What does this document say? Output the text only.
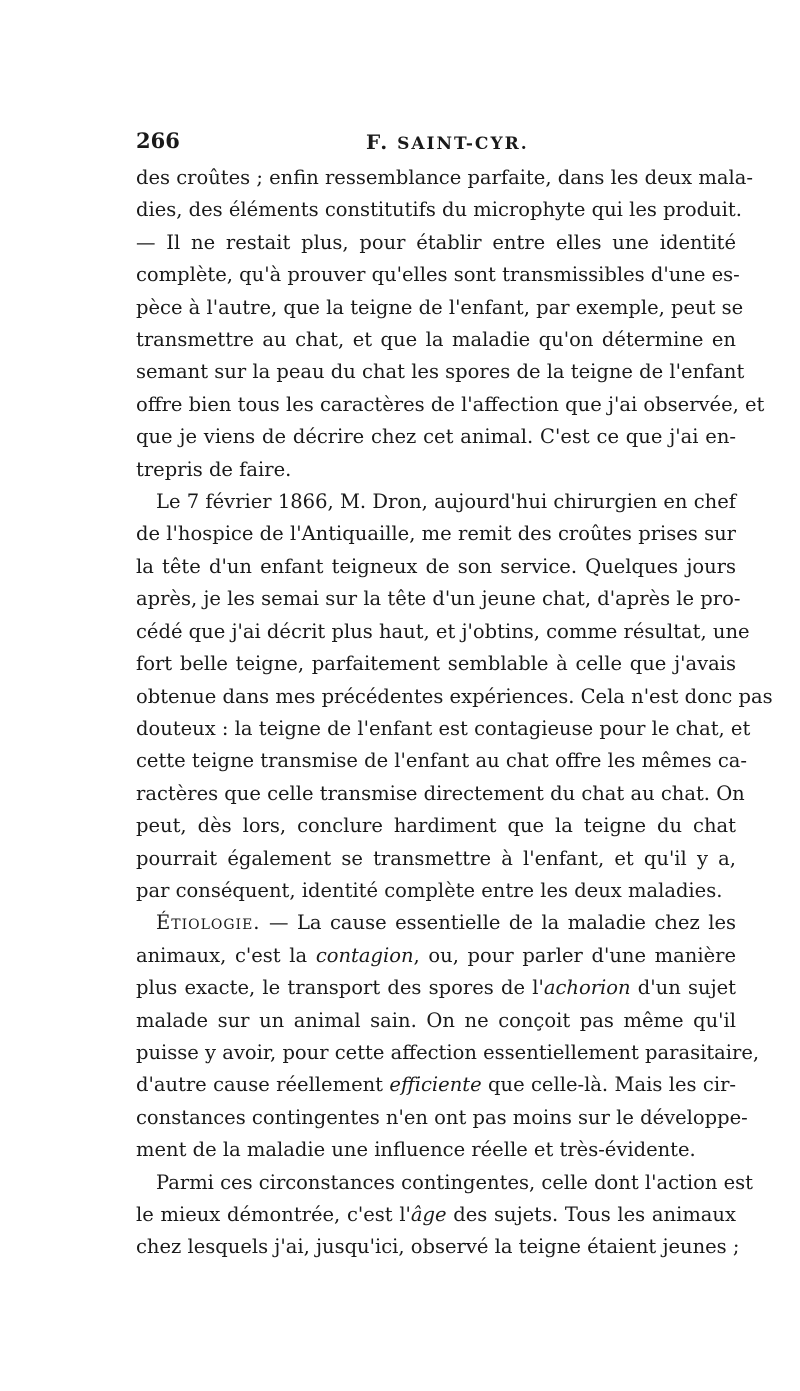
266	F. SAINT-CYR.
des croûtes ; enfin ressemblance parfaite, dans les deux mala-
dies, des éléments constitutifs du microphyte qui les produit.
— Il ne restait plus, pour établir entre elles une identité
complète, qu'à prouver qu'elles sont transmissibles d'une es-
pèce à l'autre, que la teigne de l'enfant, par exemple, peut se
transmettre au chat, et que la maladie qu'on détermine en
semant sur la peau du chat les spores de la teigne de l'enfant
offre bien tous les caractères de l'affection que j'ai observée, et
que je viens de décrire chez cet animal. C'est ce que j'ai en-
trepris de faire.
Le 7 février 1866, M. Dron, aujourd'hui chirurgien en chef
de l'hospice de l'Antiquaille, me remit des croûtes prises sur
la tête d'un enfant teigneux de son service. Quelques jours
après, je les semai sur la tête d'un jeune chat, d'après le pro-
cédé que j'ai décrit plus haut, et j'obtins, comme résultat, une
fort belle teigne, parfaitement semblable à celle que j'avais
obtenue dans mes précédentes expériences. Cela n'est donc pas
douteux : la teigne de l'enfant est contagieuse pour le chat, et
cette teigne transmise de l'enfant au chat offre les mêmes ca-
ractères que celle transmise directement du chat au chat. On
peut, dès lors, conclure hardiment que la teigne du chat
pourrait également se transmettre à l'enfant, et qu'il y a,
par conséquent, identité complète entre les deux maladies.
Étiologie. — La cause essentielle de la maladie chez les
animaux, c'est la contagion, ou, pour parler d'une manière
plus exacte, le transport des spores de l'achorion d'un sujet
malade sur un animal sain. On ne conçoit pas même qu'il
puisse y avoir, pour cette affection essentiellement parasitaire,
d'autre cause réellement efficiente que celle-là. Mais les cir-
constances contingentes n'en ont pas moins sur le développe-
ment de la maladie une influence réelle et très-évidente.
Parmi ces circonstances contingentes, celle dont l'action est
le mieux démontrée, c'est l'âge des sujets. Tous les animaux
chez lesquels j'ai, jusqu'ici, observé la teigne étaient jeunes ;
